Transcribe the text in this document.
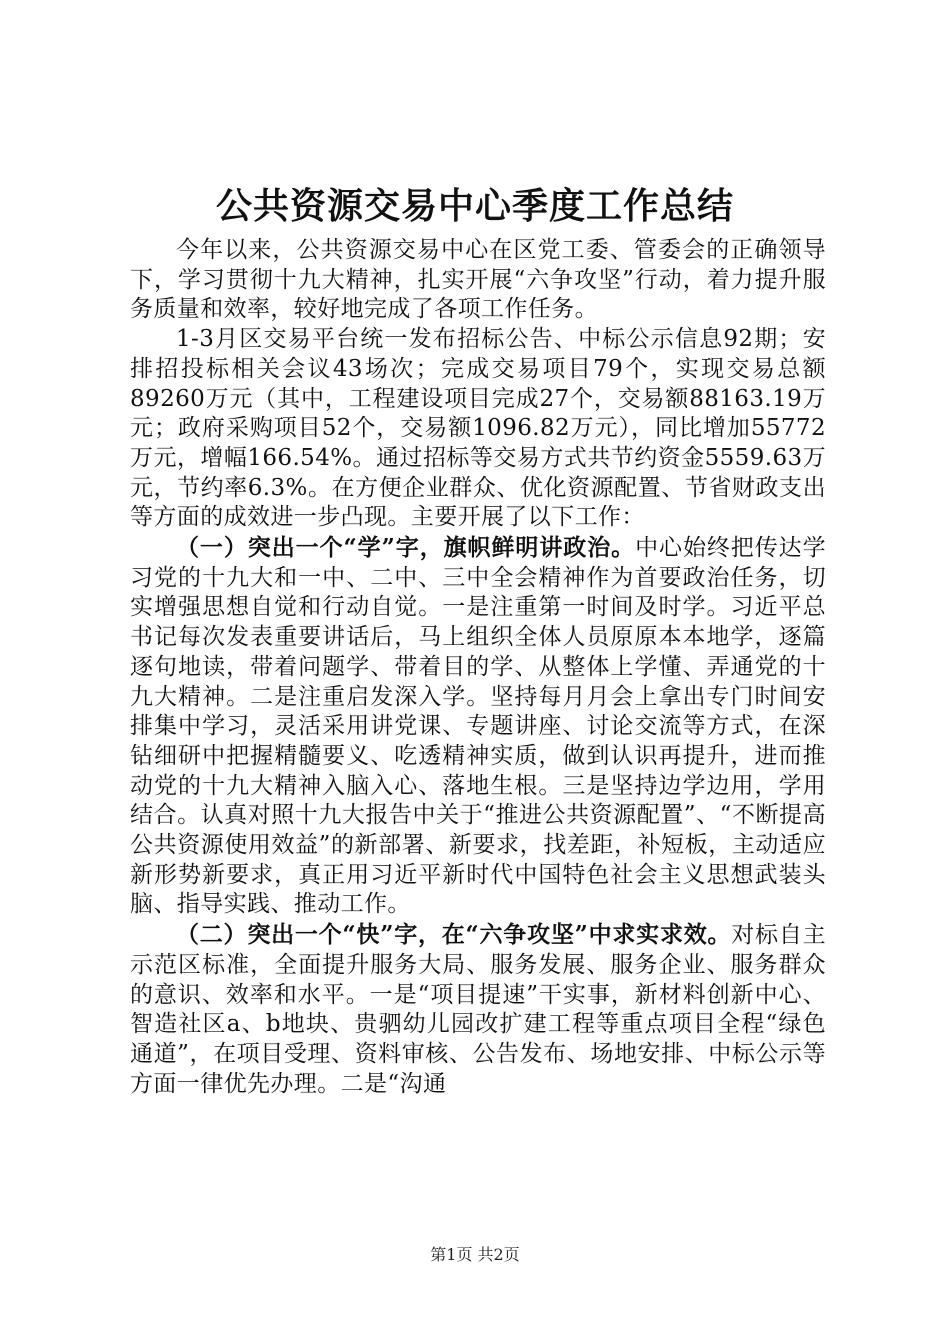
公共资源交易中心季度工作总结

今年以来，公共资源交易中心在区党工委、管委会的正确领导下，学习贯彻十九大精神，扎实开展“六争攻坚”行动，着力提升服务质量和效率，较好地完成了各项工作任务。

1-3月区交易平台统一发布招标公告、中标公示信息92期；安排招投标相关会议43场次；完成交易项目79个，实现交易总额89260万元（其中，工程建设项目完成27个，交易额88163.19万元；政府采购项目52个，交易额1096.82万元），同比增加55772万元，增幅166.54%。通过招标等交易方式共节约资金5559.63万元，节约率6.3%。在方便企业群众、优化资源配置、节省财政支出等方面的成效进一步凸现。主要开展了以下工作：

（一）突出一个“学”字，旗帜鲜明讲政治。中心始终把传达学习党的十九大和一中、二中、三中全会精神作为首要政治任务，切实增强思想自觉和行动自觉。一是注重第一时间及时学。习近平总书记每次发表重要讲话后，马上组织全体人员原原本本地学，逐篇逐句地读，带着问题学、带着目的学、从整体上学懂、弄通党的十九大精神。二是注重启发深入学。坚持每月月会上拿出专门时间安排集中学习，灵活采用讲党课、专题讲座、讨论交流等方式，在深钻细研中把握精髓要义、吃透精神实质，做到认识再提升，进而推动党的十九大精神入脑入心、落地生根。三是坚持边学边用，学用结合。认真对照十九大报告中关于“推进公共资源配置”、“不断提高公共资源使用效益”的新部署、新要求，找差距，补短板，主动适应新形势新要求，真正用习近平新时代中国特色社会主义思想武装头脑、指导实践、推动工作。

（二）突出一个“快”字，在“六争攻坚”中求实求效。对标自主示范区标准，全面提升服务大局、服务发展、服务企业、服务群众的意识、效率和水平。一是“项目提速”干实事，新材料创新中心、智造社区a、b地块、贵驷幼儿园改扩建工程等重点项目全程“绿色通道”，在项目受理、资料审核、公告发布、场地安排、中标公示等方面一律优先办理。二是“沟通

第1页 共2页
